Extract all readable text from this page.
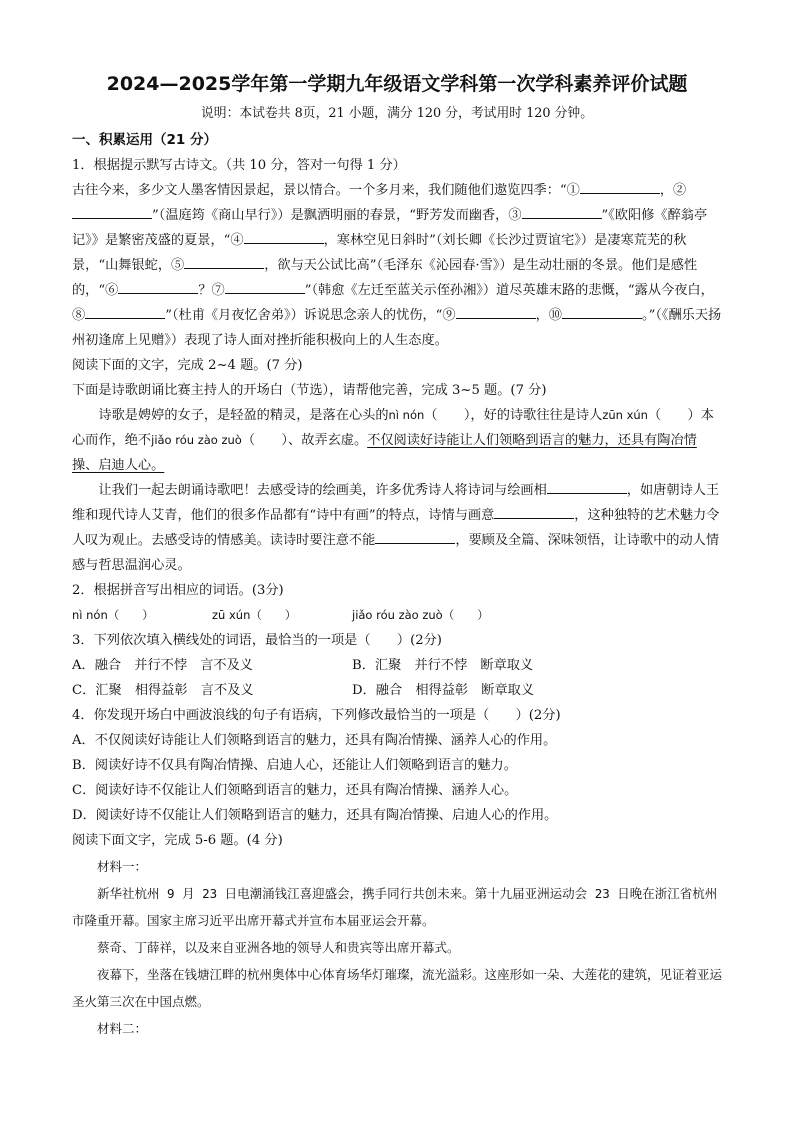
2024—2025学年第一学期九年级语文学科第一次学科素养评价试题
说明：本试卷共 8页，21 小题，满分 120 分，考试用时 120 分钟。
一、积累运用（21 分）
1．根据提示默写古诗文。（共 10 分，答对一句得 1 分）
古往今来，多少文人墨客情因景起，景以情合。一个多月来，我们随他们遨览四季：“①	，②”（温庭筠《商山早行》）是飘洒明丽的春景，“野芳发而幽香，③	”《欧阳修《醉翁亭记》》是繁密茂盛的夏景，“④	，寒林空见日斜时”（刘长卿《长沙过贾谊宅》）是凄寒荒芜的秋景，“山舞银蛇，⑤	，欲与天公试比高”（毛泽东《沁园春·雪》）是生动壮丽的冬景。他们是感性的，“⑥	？⑦	”（韩愈《左迁至蓝关示侄孙湘》）道尽英雄末路的悲慨，“露从今夜白，⑧	”（杜甫《月夜忆舍弟》）诉说思念亲人的忧伤，“⑨	，⑩	。”（《酬乐天扬州初逢席上见赠》）表现了诗人面对挫折能积极向上的人生态度。
阅读下面的文字，完成 2~4 题。(7 分)
下面是诗歌朗诵比赛主持人的开场白（节选），请帮他完善，完成 3~5 题。(7 分)
诗歌是娉婷的女子，是轻盈的精灵，是落在心头的nì nón（　　），好的诗歌往往是诗人zūn xún（　　）本心而作，绝不jiǎo róu zào zuò（　　）、故弄玄虚。不仅阅读好诗能让人们领略到语言的魅力，还具有陶冶情操、启迪人心。
让我们一起去朗诵诗歌吧！去感受诗的绘画美，许多优秀诗人将诗词与绘画相	，如唐朝诗人王维和现代诗人艾青，他们的很多作品都有“诗中有画”的特点，诗情与画意	，这种独特的艺术魅力令人叹为观止。去感受诗的情感美。读诗时要注意不能	，要顾及全篇、深味领悟，让诗歌中的动人情感与哲思温润心灵。
2．根据拼音写出相应的词语。(3分)
nì nón（　　）	zū xún（　　）	jiǎo róu zào zuò（　　）
3．下列依次填入横线处的词语，最恰当的一项是（　　）(2分)
A．融合　并行不悖　言不及义	B．汇聚　并行不悖　断章取义
C．汇聚　相得益彰　言不及义	D．融合　相得益彰　断章取义
4．你发现开场白中画波浪线的句子有语病，下列修改最恰当的一项是（　　）(2分)
A．不仅阅读好诗能让人们领略到语言的魅力，还具有陶冶情操、涵养人心的作用。
B．阅读好诗不仅具有陶冶情操、启迪人心，还能让人们领略到语言的魅力。
C．阅读好诗不仅能让人们领略到语言的魅力，还具有陶冶情操、涵养人心。
D．阅读好诗不仅能让人们领略到语言的魅力，还具有陶冶情操、启迪人心的作用。
阅读下面文字，完成 5-6 题。(4 分)
材料一：
新华社杭州 9 月 23 日电潮涌钱江喜迎盛会，携手同行共创未来。第十九届亚洲运动会 23 日晚在浙江省杭州市隆重开幕。国家主席习近平出席开幕式并宣布本届亚运会开幕。
蔡奇、丁薛祥，以及来自亚洲各地的领导人和贵宾等出席开幕式。
夜幕下，坐落在钱塘江畔的杭州奥体中心体育场华灯璀璨，流光溢彩。这座形如一朵、大莲花的建筑，见证着亚运圣火第三次在中国点燃。
材料二：
